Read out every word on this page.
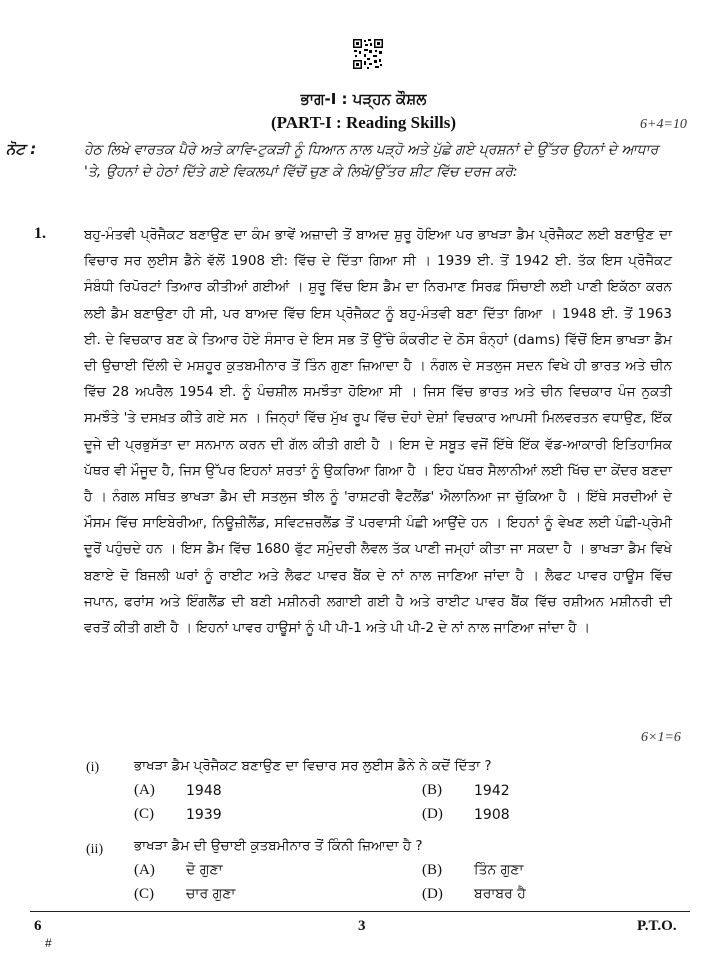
ਭਾਗ-I : ਪੜ੍ਹਨ ਕੌਸ਼ਲ
(PART-I : Reading Skills)	6+4=10
ਨੋਟ :	ਹੇਠ ਲਿਖੇ ਵਾਰਤਕ ਪੈਰੇ ਅਤੇ ਕਾਵਿ-ਟੁਕੜੀ ਨੂੰ ਧਿਆਨ ਨਾਲ ਪੜ੍ਹੋ ਅਤੇ ਪੁੱਛੇ ਗਏ ਪ੍ਰਸ਼ਨਾਂ ਦੇ ਉੱਤਰ ਉਹਨਾਂ ਦੇ ਆਧਾਰ 'ਤੇ, ਉਹਨਾਂ ਦੇ ਹੇਠਾਂ ਦਿੱਤੇ ਗਏ ਵਿਕਲਪਾਂ ਵਿੱਚੋਂ ਚੁਣ ਕੇ ਲਿਖੋ/ਉੱਤਰ ਸ਼ੀਟ ਵਿੱਚ ਦਰਜ ਕਰੋ:
1.	ਬਹੁ-ਮੰਤਵੀ ਪ੍ਰੋਜੈਕਟ ਬਣਾਉਣ ਦਾ ਕੰਮ ਭਾਵੇਂ ਅਜ਼ਾਦੀ ਤੋਂ ਬਾਅਦ ਸ਼ੁਰੂ ਹੋਇਆ ਪਰ ਭਾਖੜਾ ਡੈਮ ਪ੍ਰੋਜੈਕਟ ਲਈ ਬਣਾਉਣ ਦਾ ਵਿਚਾਰ ਸਰ ਲੁਈਸ ਡੈਨੇ ਵੱਲੋਂ 1908 ਈ: ਵਿੱਚ ਦੇ ਦਿੱਤਾ ਗਿਆ ਸੀ । 1939 ਈ. ਤੋਂ 1942 ਈ. ਤੱਕ ਇਸ ਪ੍ਰੋਜੈਕਟ ਸੰਬੰਧੀ ਰਿਪੋਰਟਾਂ ਤਿਆਰ ਕੀਤੀਆਂ ਗਈਆਂ । ਸ਼ੁਰੂ ਵਿੱਚ ਇਸ ਡੈਮ ਦਾ ਨਿਰਮਾਣ ਸਿਰਫ਼ ਸਿੰਚਾਈ ਲਈ ਪਾਣੀ ਇਕੱਠਾ ਕਰਨ ਲਈ ਡੈਮ ਬਣਾਉਣਾ ਹੀ ਸੀ, ਪਰ ਬਾਅਦ ਵਿੱਚ ਇਸ ਪ੍ਰੋਜੈਕਟ ਨੂੰ ਬਹੁ-ਮੰਤਵੀ ਬਣਾ ਦਿੱਤਾ ਗਿਆ । 1948 ਈ. ਤੋਂ 1963 ਈ. ਦੇ ਵਿਚਕਾਰ ਬਣ ਕੇ ਤਿਆਰ ਹੋਏ ਸੰਸਾਰ ਦੇ ਇਸ ਸਭ ਤੋਂ ਉੱਚੇ ਕੰਕਰੀਟ ਦੇ ਠੋਸ ਬੰਨ੍ਹਾਂ (dams) ਵਿੱਚੋਂ ਇਸ ਭਾਖੜਾ ਡੈਮ ਦੀ ਉਚਾਈ ਦਿੱਲੀ ਦੇ ਮਸ਼ਹੂਰ ਕੁਤਬਮੀਨਾਰ ਤੋਂ ਤਿੰਨ ਗੁਣਾ ਜ਼ਿਆਦਾ ਹੈ । ਨੰਗਲ ਦੇ ਸਤਲੁਜ ਸਦਨ ਵਿਖੇ ਹੀ ਭਾਰਤ ਅਤੇ ਚੀਨ ਵਿੱਚ 28 ਅਪਰੈਲ 1954 ਈ. ਨੂੰ ਪੰਚਸ਼ੀਲ ਸਮਝੌਤਾ ਹੋਇਆ ਸੀ । ਜਿਸ ਵਿੱਚ ਭਾਰਤ ਅਤੇ ਚੀਨ ਵਿਚਕਾਰ ਪੰਜ ਨੁਕਤੀ ਸਮਝੌਤੇ 'ਤੇ ਦਸਖ਼ਤ ਕੀਤੇ ਗਏ ਸਨ । ਜਿਨ੍ਹਾਂ ਵਿੱਚ ਮੁੱਖ ਰੂਪ ਵਿੱਚ ਦੋਹਾਂ ਦੇਸ਼ਾਂ ਵਿਚਕਾਰ ਆਪਸੀ ਮਿਲਵਰਤਨ ਵਧਾਉਣ, ਇੱਕ ਦੂਜੇ ਦੀ ਪ੍ਰਭੁਸੱਤਾ ਦਾ ਸਨਮਾਨ ਕਰਨ ਦੀ ਗੱਲ ਕੀਤੀ ਗਈ ਹੈ । ਇਸ ਦੇ ਸਬੂਤ ਵਜੋਂ ਇੱਥੇ ਇੱਕ ਵੱਡ-ਆਕਾਰੀ ਇਤਿਹਾਸਿਕ ਪੱਥਰ ਵੀ ਮੌਜੂਦ ਹੈ, ਜਿਸ ਉੱਪਰ ਇਹਨਾਂ ਸ਼ਰਤਾਂ ਨੂੰ ਉਕਰਿਆ ਗਿਆ ਹੈ । ਇਹ ਪੱਥਰ ਸੈਲਾਨੀਆਂ ਲਈ ਖਿੱਚ ਦਾ ਕੇਂਦਰ ਬਣਦਾ ਹੈ । ਨੰਗਲ ਸਥਿਤ ਭਾਖੜਾ ਡੈਮ ਦੀ ਸਤਲੁਜ ਝੀਲ ਨੂੰ 'ਰਾਸ਼ਟਰੀ ਵੈਟਲੈਂਡ' ਐਲਾਨਿਆ ਜਾ ਚੁੱਕਿਆ ਹੈ । ਇੱਥੇ ਸਰਦੀਆਂ ਦੇ ਮੌਸਮ ਵਿੱਚ ਸਾਇਬੇਰੀਆ, ਨਿਊਜ਼ੀਲੈਂਡ, ਸਵਿਟਜ਼ਰਲੈਂਡ ਤੋਂ ਪਰਵਾਸੀ ਪੰਛੀ ਆਉਂਦੇ ਹਨ । ਇਹਨਾਂ ਨੂੰ ਵੇਖਣ ਲਈ ਪੰਛੀ-ਪ੍ਰੇਮੀ ਦੂਰੋਂ ਪਹੁੰਚਦੇ ਹਨ । ਇਸ ਡੈਮ ਵਿੱਚ 1680 ਫੁੱਟ ਸਮੁੰਦਰੀ ਲੈਵਲ ਤੱਕ ਪਾਣੀ ਜਮ੍ਹਾਂ ਕੀਤਾ ਜਾ ਸਕਦਾ ਹੈ । ਭਾਖੜਾ ਡੈਮ ਵਿਖੇ ਬਣਾਏ ਦੋ ਬਿਜਲੀ ਘਰਾਂ ਨੂੰ ਰਾਈਟ ਅਤੇ ਲੈਫਟ ਪਾਵਰ ਬੈਂਕ ਦੇ ਨਾਂ ਨਾਲ ਜਾਣਿਆ ਜਾਂਦਾ ਹੈ । ਲੈਫਟ ਪਾਵਰ ਹਾਊਸ ਵਿੱਚ ਜਪਾਨ, ਫਰਾਂਸ ਅਤੇ ਇੰਗਲੈਂਡ ਦੀ ਬਣੀ ਮਸ਼ੀਨਰੀ ਲਗਾਈ ਗਈ ਹੈ ਅਤੇ ਰਾਈਟ ਪਾਵਰ ਬੈਂਕ ਵਿੱਚ ਰਸ਼ੀਅਨ ਮਸ਼ੀਨਰੀ ਦੀ ਵਰਤੋਂ ਕੀਤੀ ਗਈ ਹੈ । ਇਹਨਾਂ ਪਾਵਰ ਹਾਊਸਾਂ ਨੂੰ ਪੀ ਪੀ-1 ਅਤੇ ਪੀ ਪੀ-2 ਦੇ ਨਾਂ ਨਾਲ ਜਾਣਿਆ ਜਾਂਦਾ ਹੈ ।
6×1=6
(i)	ਭਾਖੜਾ ਡੈਮ ਪ੍ਰੋਜੈਕਟ ਬਣਾਉਣ ਦਾ ਵਿਚਾਰ ਸਰ ਲੁਈਸ ਡੈਨੇ ਨੇ ਕਦੋਂ ਦਿੱਤਾ ?
(A) 1948	(B) 1942
(C) 1939	(D) 1908
(ii) ਭਾਖੜਾ ਡੈਮ ਦੀ ਉਚਾਈ ਕੁਤਬਮੀਨਾਰ ਤੋਂ ਕਿੰਨੀ ਜ਼ਿਆਦਾ ਹੈ ?
(A) ਦੋ ਗੁਣਾ	(B) ਤਿੰਨ ਗੁਣਾ
(C) ਚਾਰ ਗੁਣਾ	(D) ਬਰਾਬਰ ਹੈ
6
#
3	P.T.O.
